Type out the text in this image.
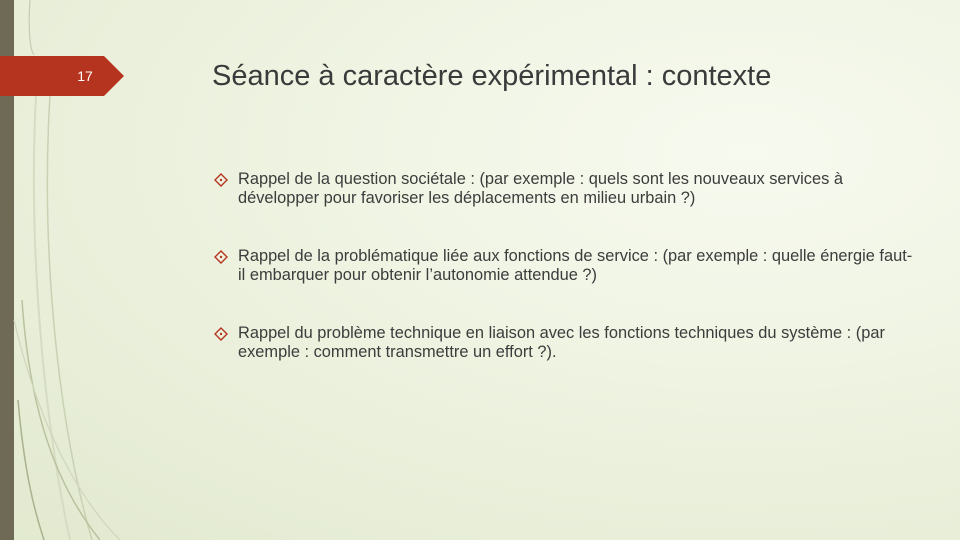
17	Séance à caractère expérimental : contexte
Rappel de la question sociétale : (par exemple : quels sont les nouveaux services à développer pour favoriser les déplacements en milieu urbain ?)
Rappel de la problématique liée aux fonctions de service : (par exemple : quelle énergie faut-il embarquer pour obtenir l’autonomie attendue ?)
Rappel du problème technique en liaison avec les fonctions techniques du système : (par exemple : comment transmettre un effort ?).
